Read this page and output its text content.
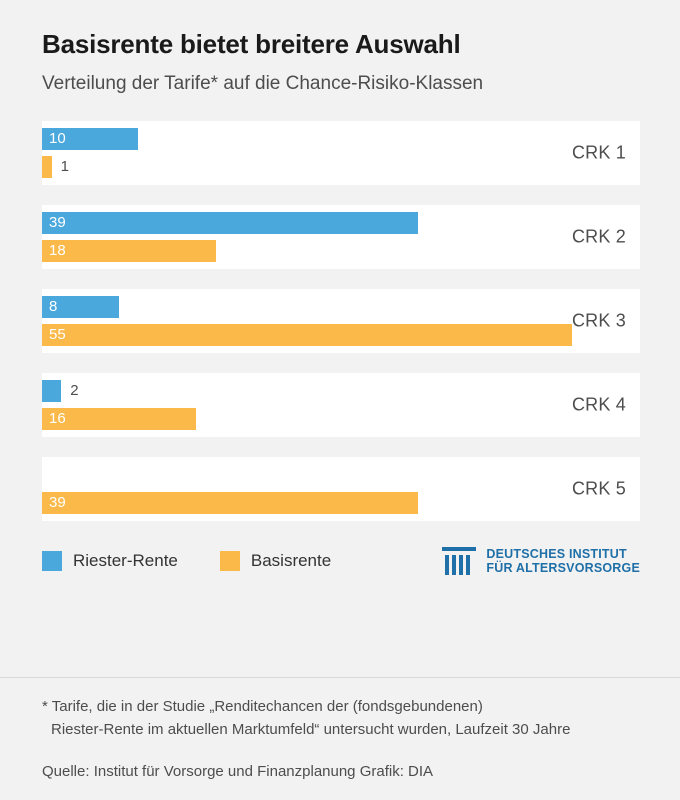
Basisrente bietet breitere Auswahl

Verteilung der Tarife* auf die Chance-Risiko-Klassen

10
1
CRK 1
39
18
CRK 2
8
55
CRK 3
2
16
CRK 4
39
CRK 5
Riester-Rente	Basisrente	DEUTSCHES INSTITUT
FÜR ALTERSVORSORGE

* Tarife, die in der Studie „Renditechancen der (fondsgebundenen)
Riester-Rente im aktuellen Marktumfeld“ untersucht wurden, Laufzeit 30 Jahre

Quelle: Institut für Vorsorge und Finanzplanung Grafik: DIA
